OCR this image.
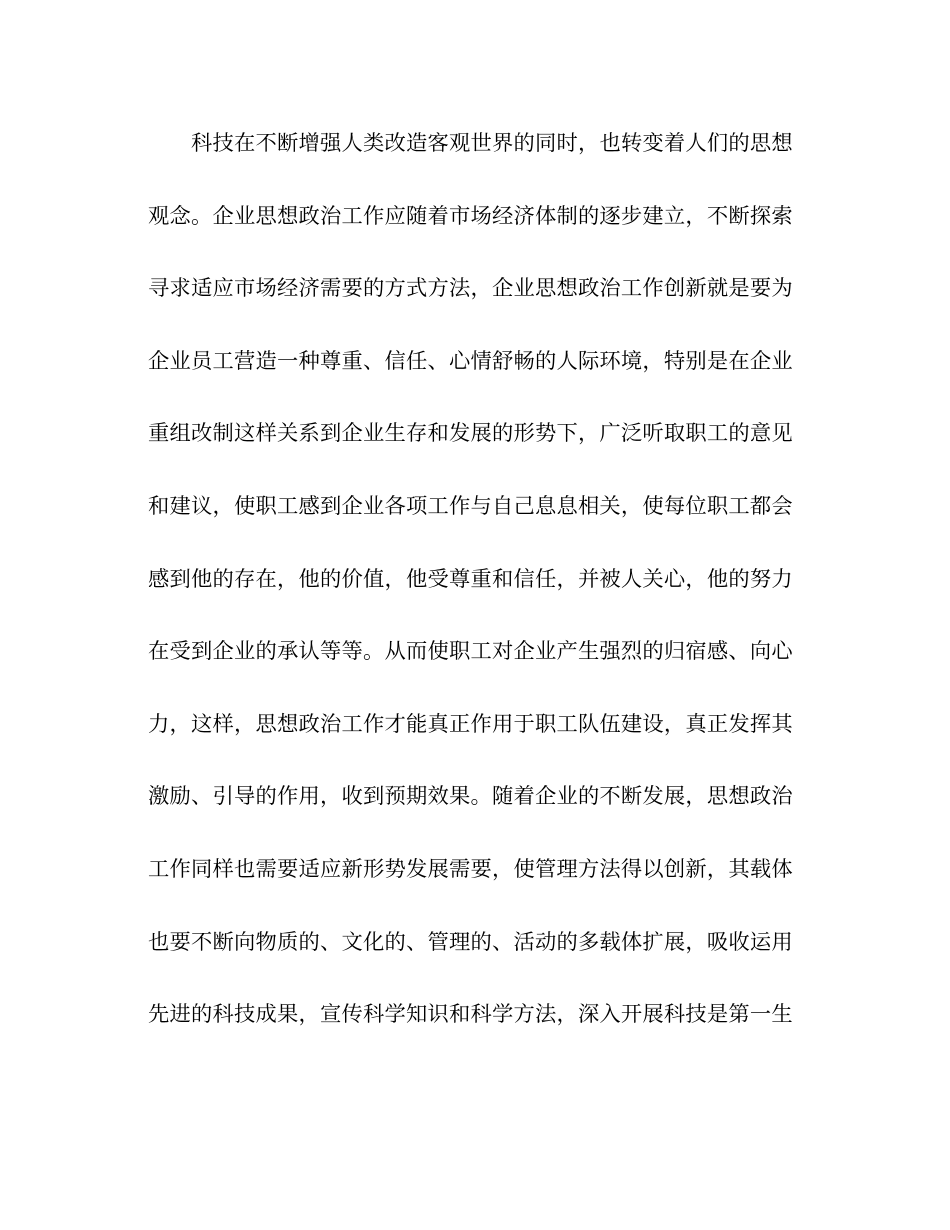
科技在不断增强人类改造客观世界的同时，也转变着人们的思想
观念。企业思想政治工作应随着市场经济体制的逐步建立，不断探索
寻求适应市场经济需要的方式方法，企业思想政治工作创新就是要为
企业员工营造一种尊重、信任、心情舒畅的人际环境，特别是在企业
重组改制这样关系到企业生存和发展的形势下，广泛听取职工的意见
和建议，使职工感到企业各项工作与自己息息相关，使每位职工都会
感到他的存在，他的价值，他受尊重和信任，并被人关心，他的努力
在受到企业的承认等等。从而使职工对企业产生强烈的归宿感、向心
力，这样，思想政治工作才能真正作用于职工队伍建设，真正发挥其
激励、引导的作用，收到预期效果。随着企业的不断发展，思想政治
工作同样也需要适应新形势发展需要，使管理方法得以创新，其载体
也要不断向物质的、文化的、管理的、活动的多载体扩展，吸收运用
先进的科技成果，宣传科学知识和科学方法，深入开展科技是第一生
